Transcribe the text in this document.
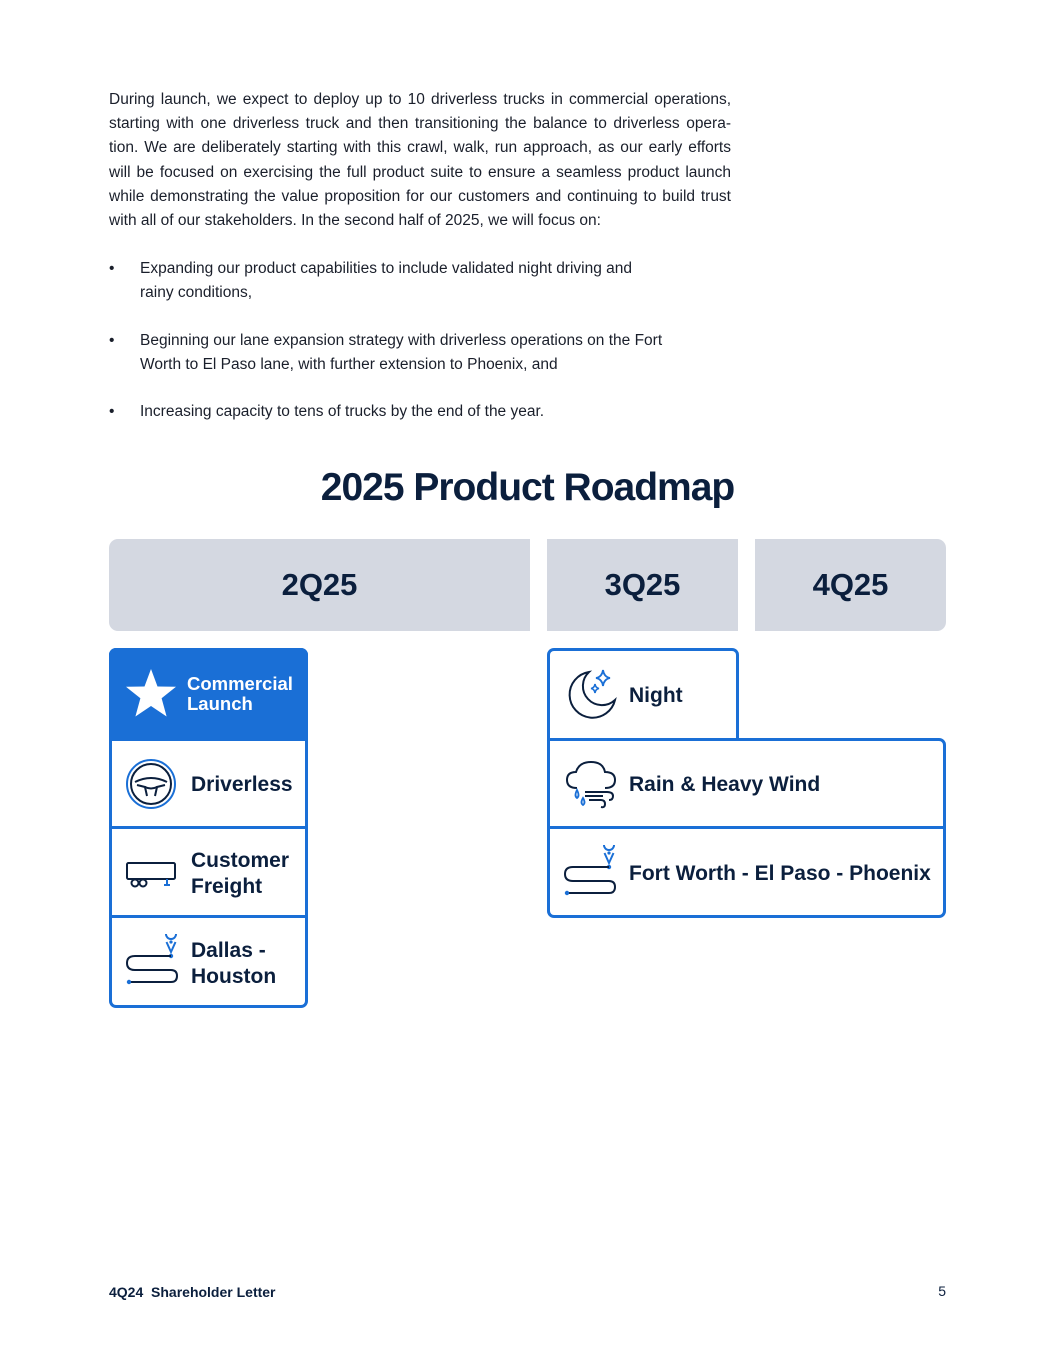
During launch, we expect to deploy up to 10 driverless trucks in commercial operations, starting with one driverless truck and then transitioning the balance to driverless opera-tion. We are deliberately starting with this crawl, walk, run approach, as our early efforts will be focused on exercising the full product suite to ensure a seamless product launch while demonstrating the value proposition for our customers and continuing to build trust with all of our stakeholders. In the second half of 2025, we will focus on:

• Expanding our product capabilities to include validated night driving and
rainy conditions,
• Beginning our lane expansion strategy with driverless operations on the Fort
Worth to El Paso lane, with further extension to Phoenix, and
• Increasing capacity to tens of trucks by the end of the year.
2025 Product Roadmap
2Q25	3Q25	4Q25
Commercial
Launch
Driverless
Customer
Freight
Dallas -
Houston
Night
Rain & Heavy Wind
Fort Worth - El Paso - Phoenix
4Q24  Shareholder Letter	5
